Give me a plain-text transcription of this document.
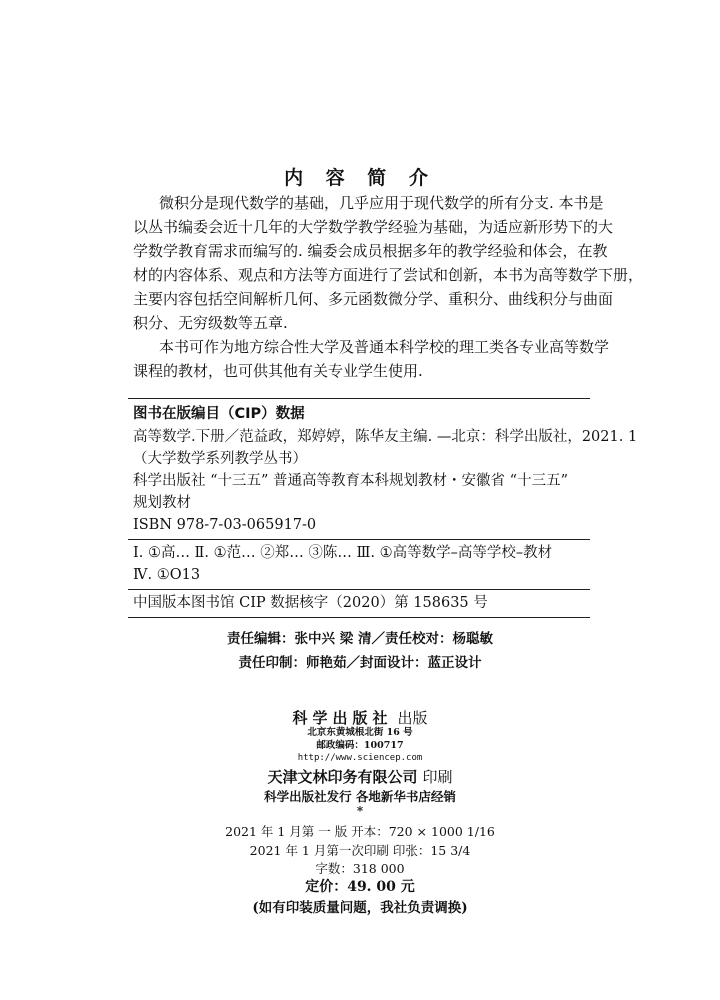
内 容 简 介
微积分是现代数学的基础，几乎应用于现代数学的所有分支. 本书是
以丛书编委会近十几年的大学数学教学经验为基础，为适应新形势下的大
学数学教育需求而编写的. 编委会成员根据多年的教学经验和体会，在教
材的内容体系、观点和方法等方面进行了尝试和创新，本书为高等数学下册，
主要内容包括空间解析几何、多元函数微分学、重积分、曲线积分与曲面
积分、无穷级数等五章.
本书可作为地方综合性大学及普通本科学校的理工类各专业高等数学
课程的教材，也可供其他有关专业学生使用.
图书在版编目（CIP）数据
高等数学.下册／范益政，郑婷婷，陈华友主编. —北京：科学出版社，2021. 1
（大学数学系列教学丛书）
科学出版社 “十三五” 普通高等教育本科规划教材・安徽省 “十三五”
规划教材
ISBN 978-7-03-065917-0
Ⅰ. ①高… Ⅱ. ①范… ②郑… ③陈… Ⅲ. ①高等数学–高等学校–教材
Ⅳ. ①O13
中国版本图书馆 CIP 数据核字（2020）第 158635 号
责任编辑：张中兴 梁 清／责任校对：杨聪敏
责任印制：师艳茹／封面设计：蓝正设计
科学出版社 出版
北京东黄城根北街 16 号
邮政编码：100717
http://www.sciencep.com
天津文林印务有限公司 印刷
科学出版社发行 各地新华书店经销
*
2021 年 1 月第 一 版 开本：720 × 1000 1/16
2021 年 1 月第一次印刷 印张：15 3/4
字数：318 000
定价：49. 00 元
(如有印装质量问题，我社负责调换)
